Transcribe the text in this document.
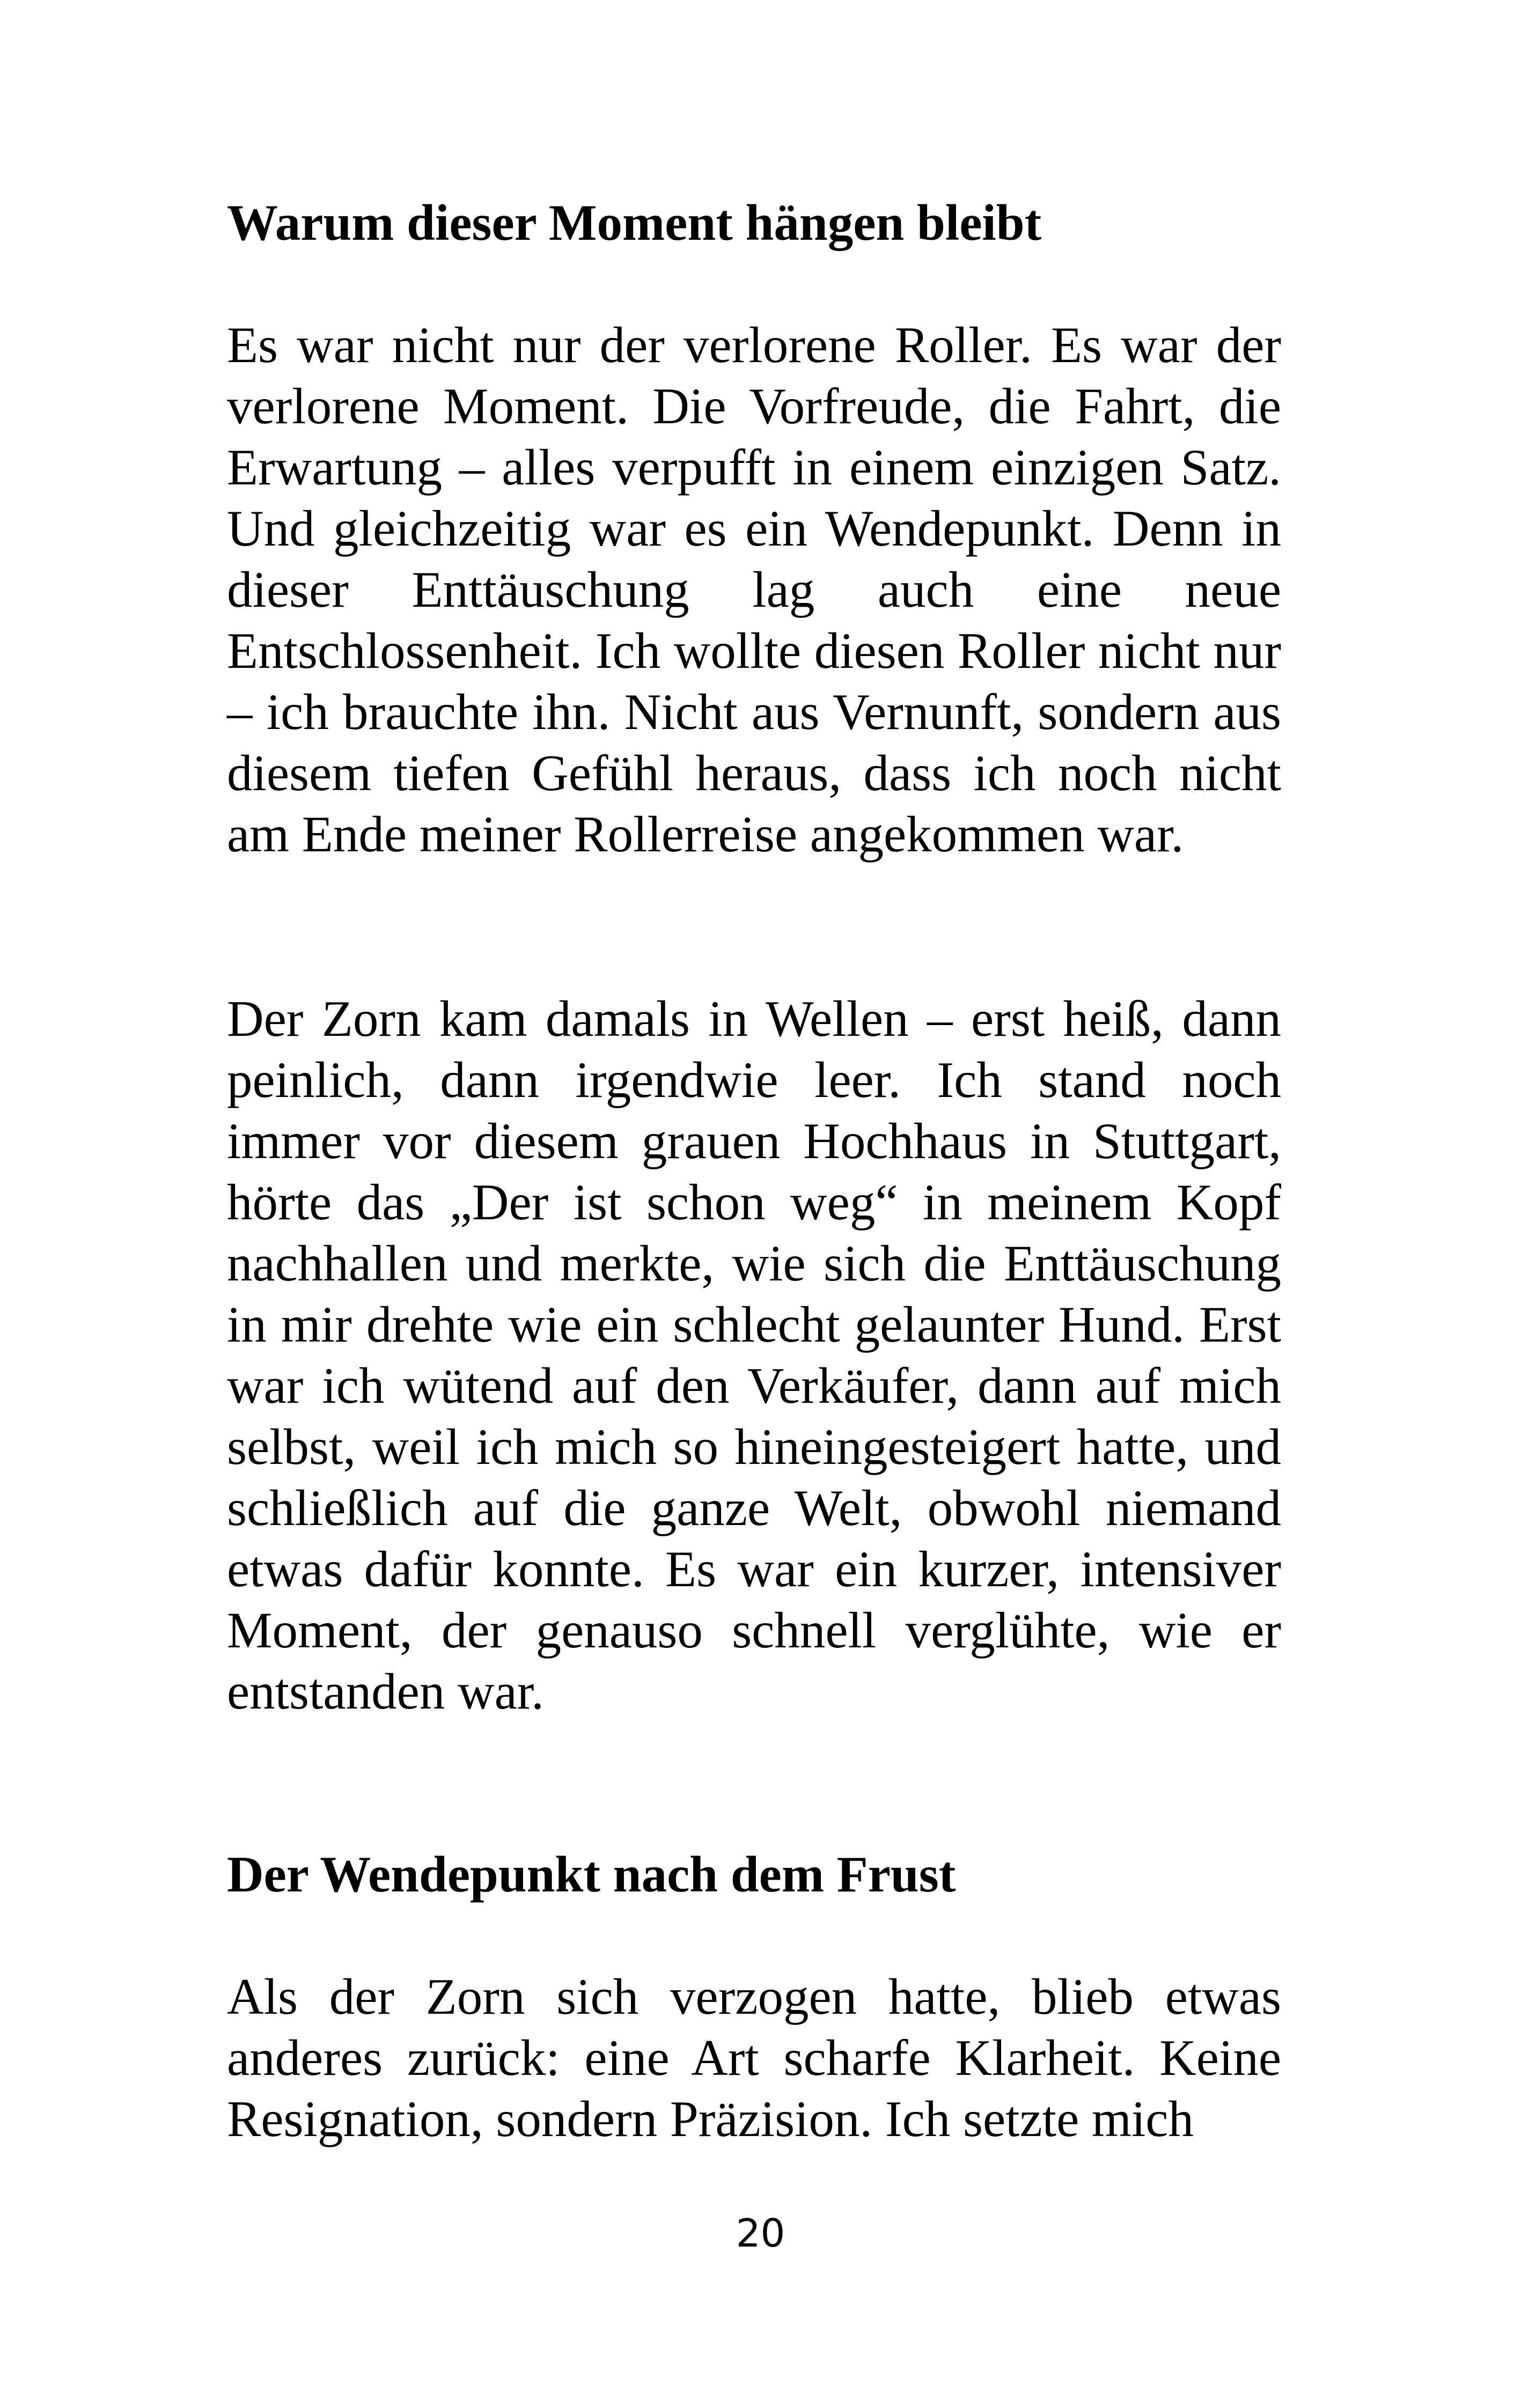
Warum dieser Moment hängen bleibt

Es war nicht nur der verlorene Roller. Es war der verlorene Moment. Die Vorfreude, die Fahrt, die Erwartung – alles verpufft in einem einzigen Satz. Und gleichzeitig war es ein Wendepunkt. Denn in dieser Enttäuschung lag auch eine neue Entschlossenheit. Ich wollte diesen Roller nicht nur – ich brauchte ihn. Nicht aus Vernunft, sondern aus diesem tiefen Gefühl heraus, dass ich noch nicht am Ende meiner Rollerreise angekommen war.

Der Zorn kam damals in Wellen – erst heiß, dann peinlich, dann irgendwie leer. Ich stand noch immer vor diesem grauen Hochhaus in Stuttgart, hörte das „Der ist schon weg“ in meinem Kopf nachhallen und merkte, wie sich die Enttäuschung in mir drehte wie ein schlecht gelaunter Hund. Erst war ich wütend auf den Verkäufer, dann auf mich selbst, weil ich mich so hineingesteigert hatte, und schließlich auf die ganze Welt, obwohl niemand etwas dafür konnte. Es war ein kurzer, intensiver Moment, der genauso schnell verglühte, wie er entstanden war.

Der Wendepunkt nach dem Frust

Als der Zorn sich verzogen hatte, blieb etwas anderes zurück: eine Art scharfe Klarheit. Keine Resignation, sondern Präzision. Ich setzte mich

20
